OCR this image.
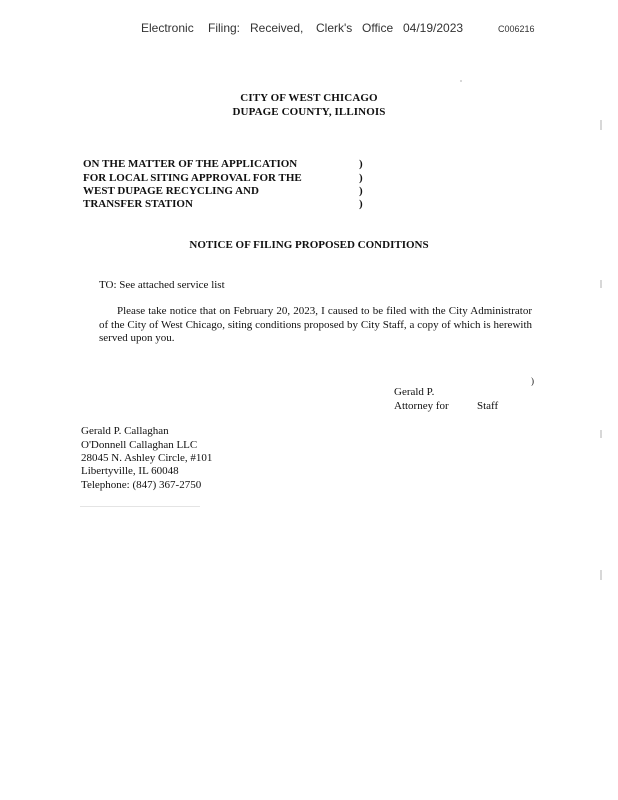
Electronic Filing: Received, Clerk's Office 04/19/2023	C006216
CITY OF WEST CHICAGO
DUPAGE COUNTY, ILLINOIS
ON THE MATTER OF THE APPLICATION
FOR LOCAL SITING APPROVAL FOR THE
WEST DUPAGE RECYCLING AND
TRANSFER STATION
)
)
)
)
NOTICE OF FILING PROPOSED CONDITIONS
TO: See attached service list
Please take notice that on February 20, 2023, I caused to be filed with the City Administrator of the City of West Chicago, siting conditions proposed by City Staff, a copy of which is herewith served upon you.
)
Gerald P.
Attorney for	Staff
Gerald P. Callaghan
O'Donnell Callaghan LLC
28045 N. Ashley Circle, #101
Libertyville, IL 60048
Telephone: (847) 367-2750
